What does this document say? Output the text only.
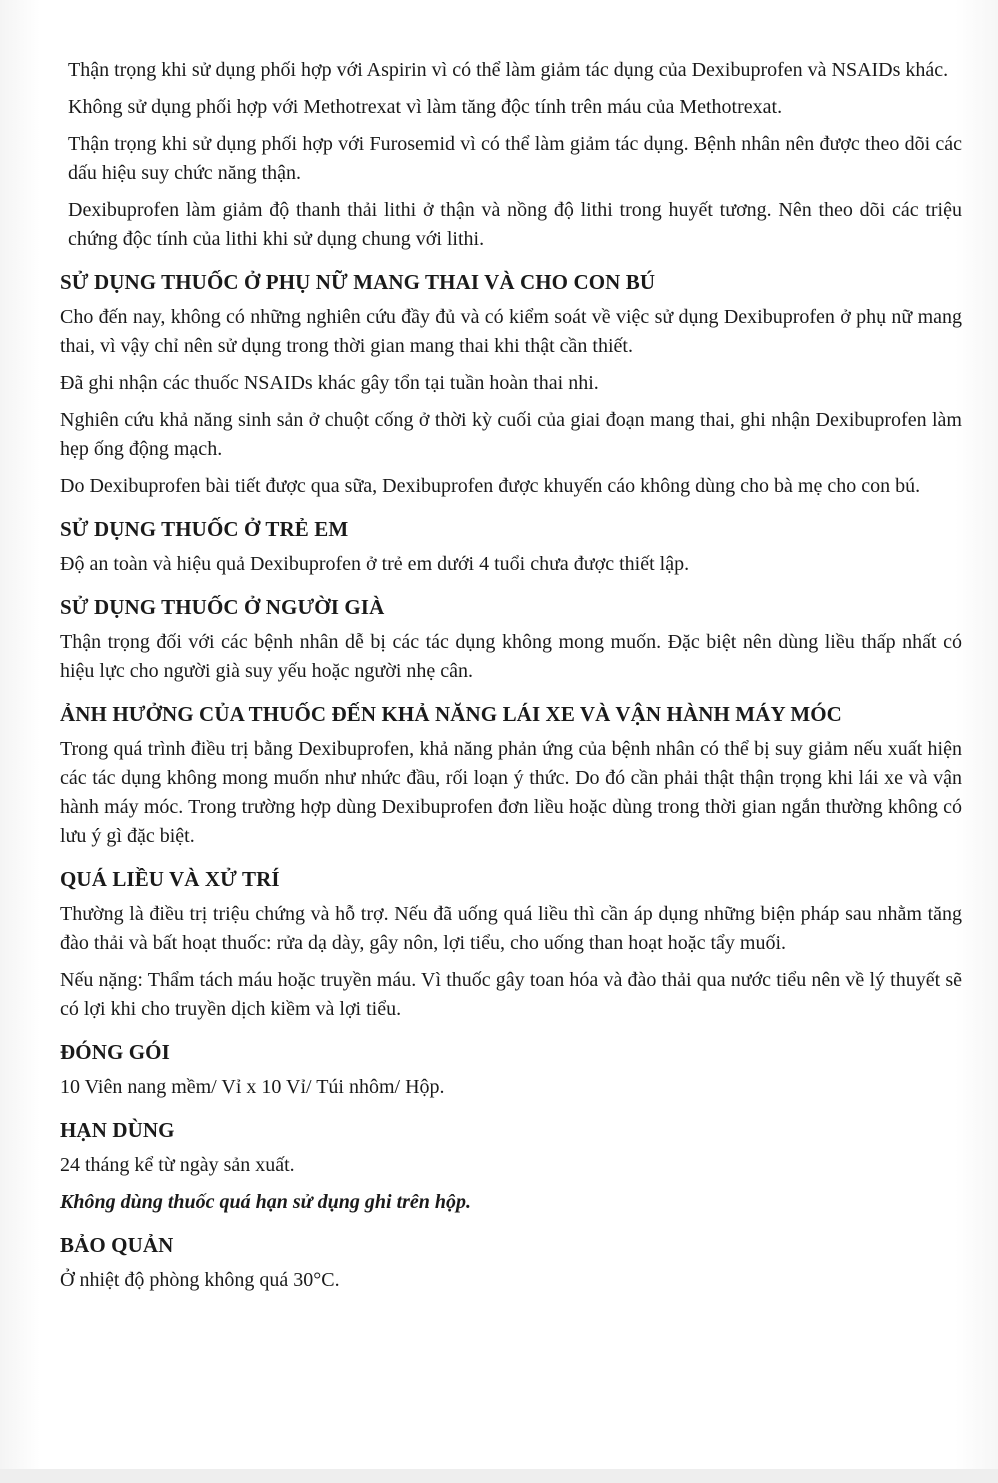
Thận trọng khi sử dụng phối hợp với Aspirin vì có thể làm giảm tác dụng của Dexibuprofen và NSAIDs khác.

Không sử dụng phối hợp với Methotrexat vì làm tăng độc tính trên máu của Methotrexat.

Thận trọng khi sử dụng phối hợp với Furosemid vì có thể làm giảm tác dụng. Bệnh nhân nên được theo dõi các dấu hiệu suy chức năng thận.

Dexibuprofen làm giảm độ thanh thải lithi ở thận và nồng độ lithi trong huyết tương. Nên theo dõi các triệu chứng độc tính của lithi khi sử dụng chung với lithi.

SỬ DỤNG THUỐC Ở PHỤ NỮ MANG THAI VÀ CHO CON BÚ

Cho đến nay, không có những nghiên cứu đầy đủ và có kiểm soát về việc sử dụng Dexibuprofen ở phụ nữ mang thai, vì vậy chỉ nên sử dụng trong thời gian mang thai khi thật cần thiết.

Đã ghi nhận các thuốc NSAIDs khác gây tổn tại tuần hoàn thai nhi.

Nghiên cứu khả năng sinh sản ở chuột cống ở thời kỳ cuối của giai đoạn mang thai, ghi nhận Dexibuprofen làm hẹp ống động mạch.

Do Dexibuprofen bài tiết được qua sữa, Dexibuprofen được khuyến cáo không dùng cho bà mẹ cho con bú.

SỬ DỤNG THUỐC Ở TRẺ EM

Độ an toàn và hiệu quả Dexibuprofen ở trẻ em dưới 4 tuổi chưa được thiết lập.

SỬ DỤNG THUỐC Ở NGƯỜI GIÀ

Thận trọng đối với các bệnh nhân dễ bị các tác dụng không mong muốn. Đặc biệt nên dùng liều thấp nhất có hiệu lực cho người già suy yếu hoặc người nhẹ cân.

ẢNH HƯỞNG CỦA THUỐC ĐẾN KHẢ NĂNG LÁI XE VÀ VẬN HÀNH MÁY MÓC

Trong quá trình điều trị bằng Dexibuprofen, khả năng phản ứng của bệnh nhân có thể bị suy giảm nếu xuất hiện các tác dụng không mong muốn như nhức đầu, rối loạn ý thức. Do đó cần phải thật thận trọng khi lái xe và vận hành máy móc. Trong trường hợp dùng Dexibuprofen đơn liều hoặc dùng trong thời gian ngắn thường không có lưu ý gì đặc biệt.

QUÁ LIỀU VÀ XỬ TRÍ

Thường là điều trị triệu chứng và hỗ trợ. Nếu đã uống quá liều thì cần áp dụng những biện pháp sau nhằm tăng đào thải và bất hoạt thuốc: rửa dạ dày, gây nôn, lợi tiểu, cho uống than hoạt hoặc tẩy muối.

Nếu nặng: Thẩm tách máu hoặc truyền máu. Vì thuốc gây toan hóa và đào thải qua nước tiểu nên về lý thuyết sẽ có lợi khi cho truyền dịch kiềm và lợi tiểu.

ĐÓNG GÓI

10 Viên nang mềm/ Vỉ x 10 Vỉ/ Túi nhôm/ Hộp.

HẠN DÙNG

24 tháng kể từ ngày sản xuất.

Không dùng thuốc quá hạn sử dụng ghi trên hộp.

BẢO QUẢN

Ở nhiệt độ phòng không quá 30°C.
